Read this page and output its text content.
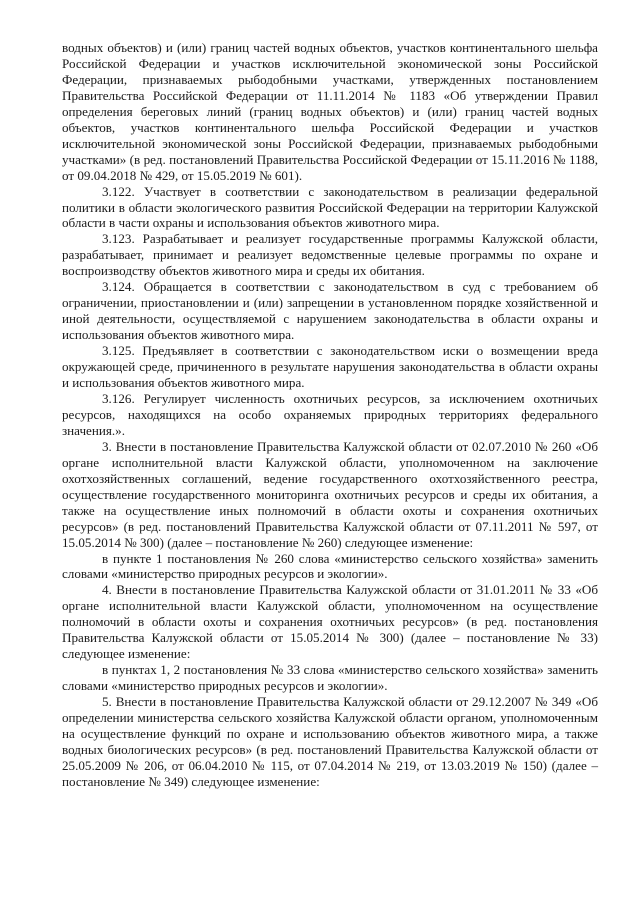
водных объектов) и (или) границ частей водных объектов, участков континентального шельфа Российской Федерации и участков исключительной экономической зоны Российской Федерации, признаваемых рыбодобными участками, утвержденных постановлением Правительства Российской Федерации от 11.11.2014 № 1183 «Об утверждении Правил определения береговых линий (границ водных объектов) и (или) границ частей водных объектов, участков континентального шельфа Российской Федерации и участков исключительной экономической зоны Российской Федерации, признаваемых рыбодобными участками» (в ред. постановлений Правительства Российской Федерации от 15.11.2016 № 1188, от 09.04.2018 № 429, от 15.05.2019 № 601).

3.122. Участвует в соответствии с законодательством в реализации федеральной политики в области экологического развития Российской Федерации на территории Калужской области в части охраны и использования объектов животного мира.

3.123. Разрабатывает и реализует государственные программы Калужской области, разрабатывает, принимает и реализует ведомственные целевые программы по охране и воспроизводству объектов животного мира и среды их обитания.

3.124. Обращается в соответствии с законодательством в суд с требованием об ограничении, приостановлении и (или) запрещении в установленном порядке хозяйственной и иной деятельности, осуществляемой с нарушением законодательства в области охраны и использования объектов животного мира.

3.125. Предъявляет в соответствии с законодательством иски о возмещении вреда окружающей среде, причиненного в результате нарушения законодательства в области охраны и использования объектов животного мира.

3.126. Регулирует численность охотничьих ресурсов, за исключением охотничьих ресурсов, находящихся на особо охраняемых природных территориях федерального значения.».

3. Внести в постановление Правительства Калужской области от 02.07.2010 № 260 «Об органе исполнительной власти Калужской области, уполномоченном на заключение охотхозяйственных соглашений, ведение государственного охотхозяйственного реестра, осуществление государственного мониторинга охотничьих ресурсов и среды их обитания, а также на осуществление иных полномочий в области охоты и сохранения охотничьих ресурсов» (в ред. постановлений Правительства Калужской области от 07.11.2011 № 597, от 15.05.2014 № 300) (далее – постановление № 260) следующее изменение:

в пункте 1 постановления № 260 слова «министерство сельского хозяйства» заменить словами «министерство природных ресурсов и экологии».

4. Внести в постановление Правительства Калужской области от 31.01.2011 № 33 «Об органе исполнительной власти Калужской области, уполномоченном на осуществление полномочий в области охоты и сохранения охотничьих ресурсов» (в ред. постановления Правительства Калужской области от 15.05.2014 № 300) (далее – постановление № 33) следующее изменение:

в пунктах 1, 2 постановления № 33 слова «министерство сельского хозяйства» заменить словами «министерство природных ресурсов и экологии».

5. Внести в постановление Правительства Калужской области от 29.12.2007 № 349 «Об определении министерства сельского хозяйства Калужской области органом, уполномоченным на осуществление функций по охране и использованию объектов животного мира, а также водных биологических ресурсов» (в ред. постановлений Правительства Калужской области от 25.05.2009 № 206, от 06.04.2010 № 115, от 07.04.2014 № 219, от 13.03.2019 № 150) (далее – постановление № 349) следующее изменение:
